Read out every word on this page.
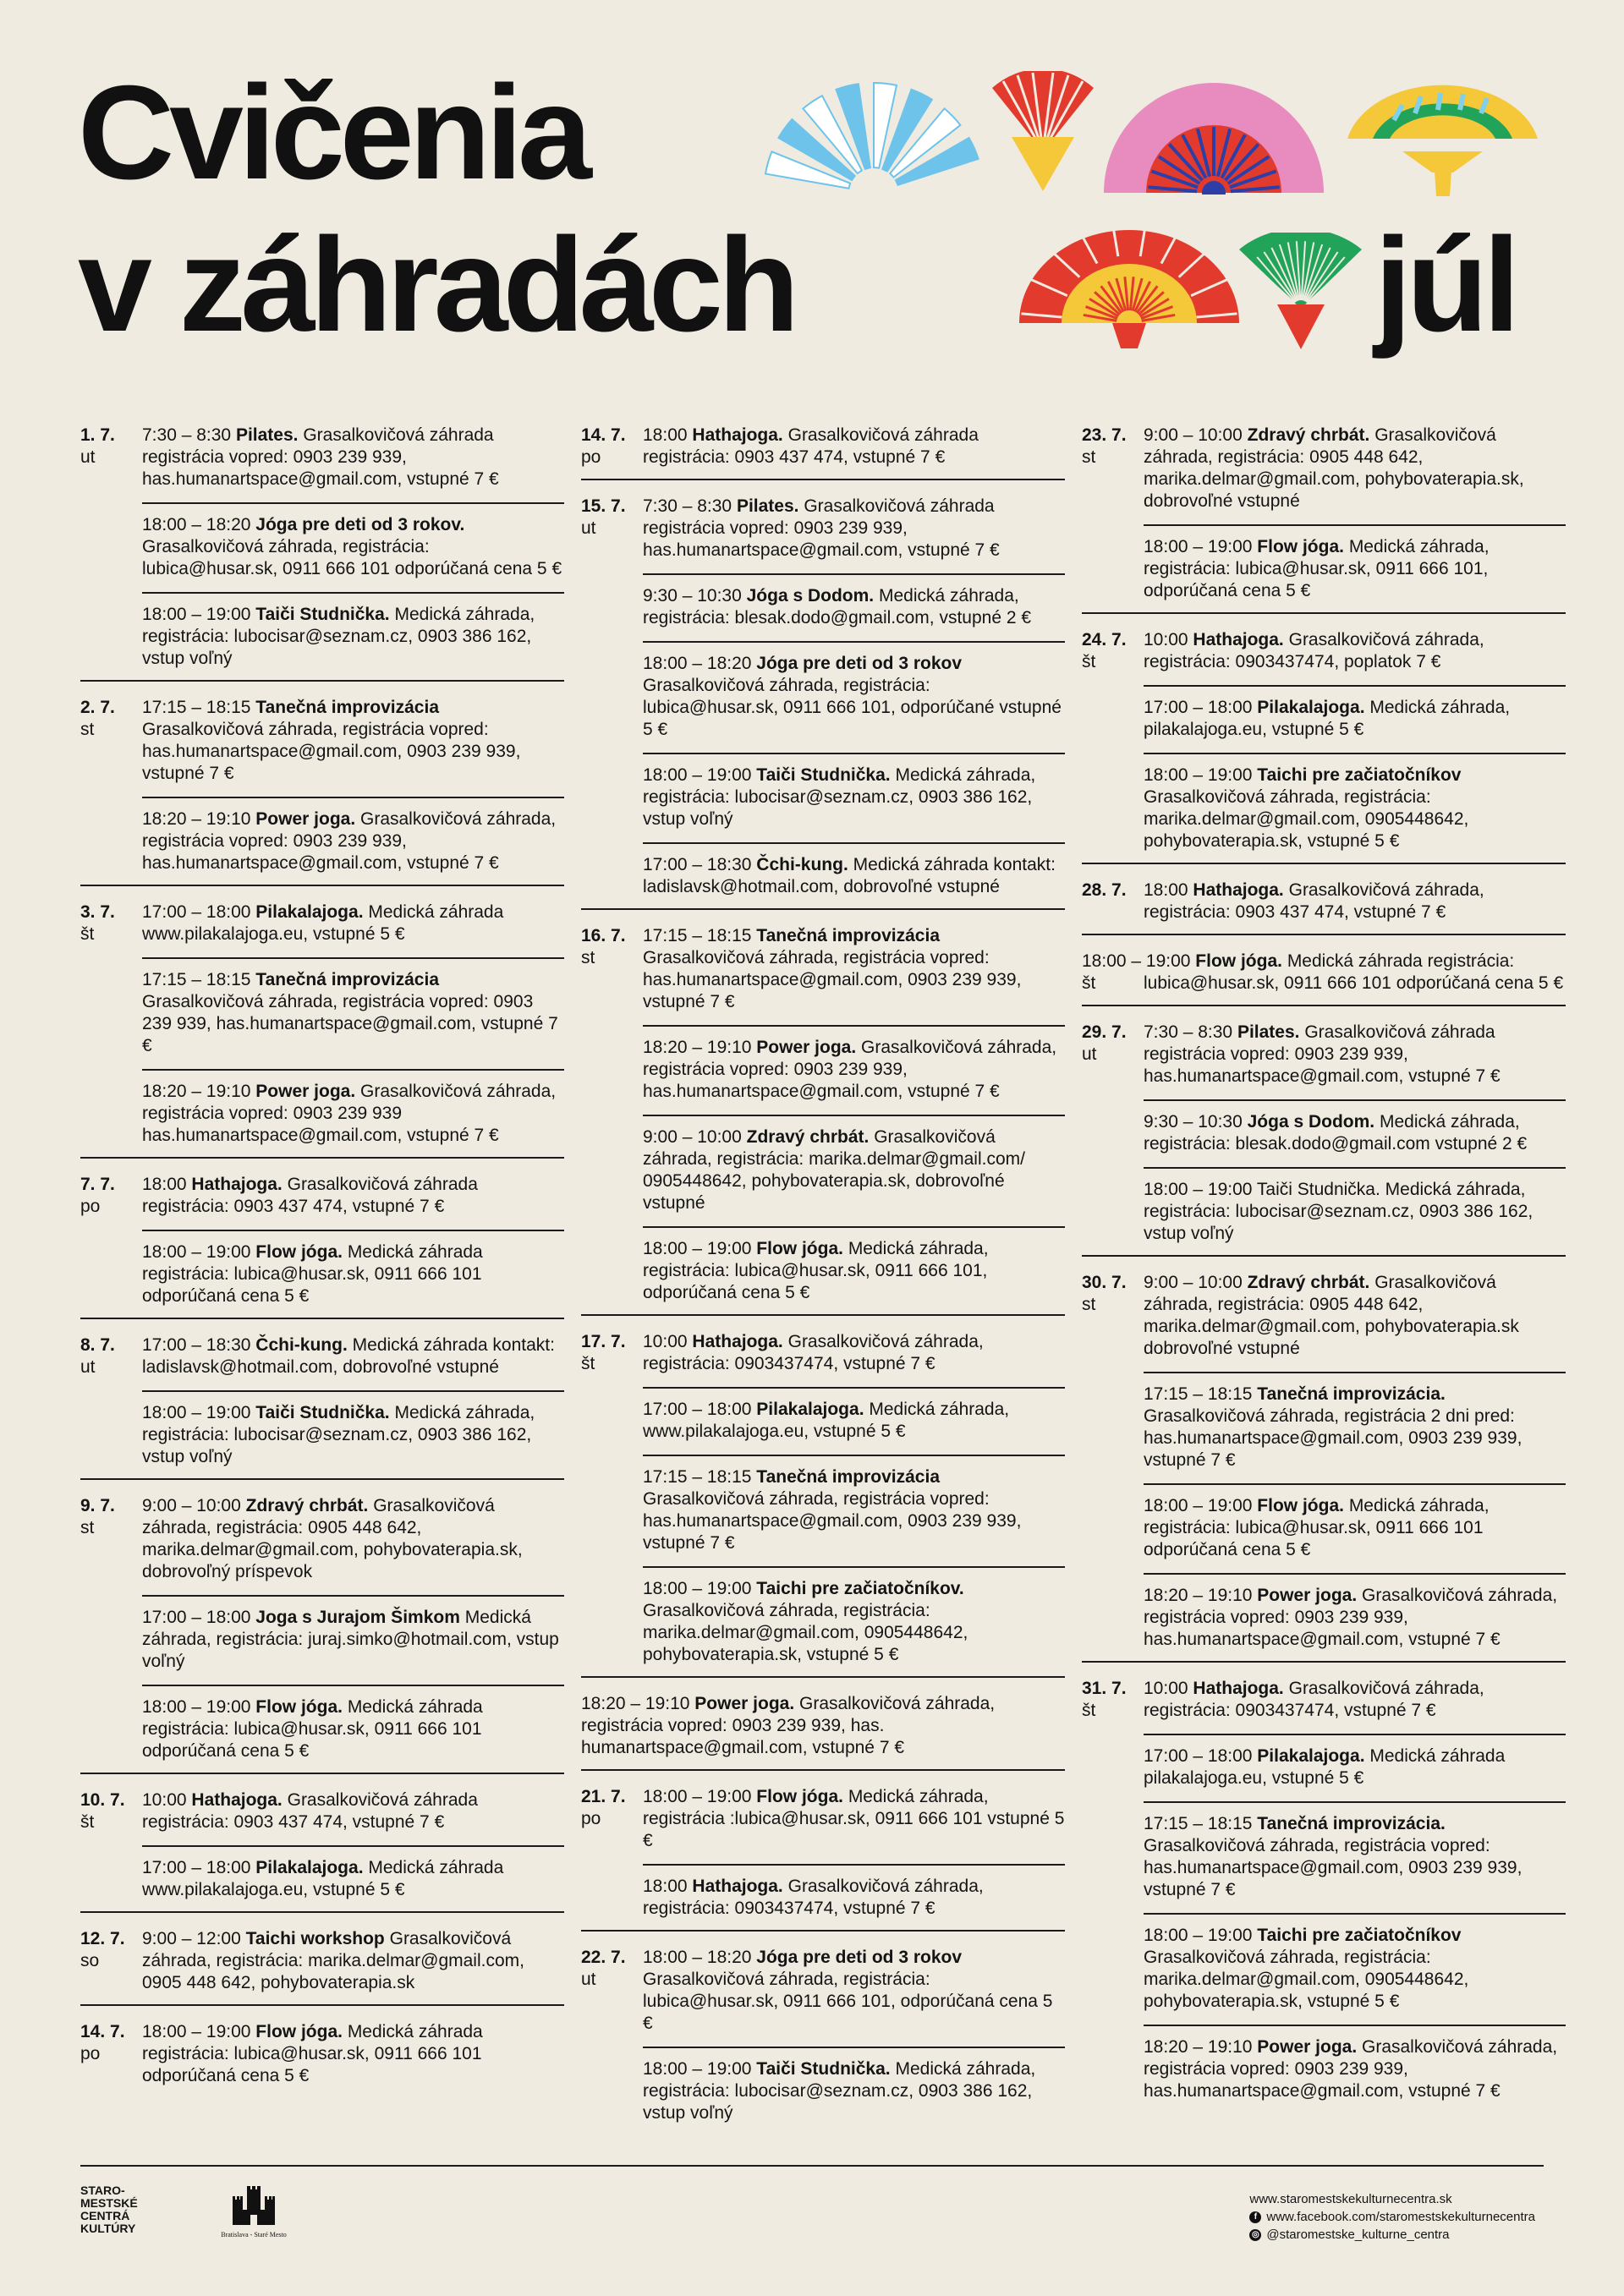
Cvičenia
v záhradách	júl
1. 7.
ut
7:30 – 8:30 Pilates. Grasalkovičová záhrada registrácia vopred: 0903 239 939, has.humanartspace@gmail.com, vstupné 7 €
18:00 – 18:20 Jóga pre deti od 3 rokov. Grasalkovičová záhrada, registrácia: lubica@husar.sk, 0911 666 101 odporúčaná cena 5 €
18:00 – 19:00 Taiči Studnička. Medická záhrada, registrácia: lubocisar@seznam.cz, 0903 386 162, vstup voľný
2. 7.
st
17:15 – 18:15 Tanečná improvizácia Grasalkovičová záhrada, registrácia vopred: has.humanartspace@gmail.com, 0903 239 939, vstupné 7 €
18:20 – 19:10 Power joga. Grasalkovičová záhrada, registrácia vopred: 0903 239 939, has.humanartspace@gmail.com, vstupné 7 €
3. 7.
št
17:00 – 18:00 Pilakalajoga. Medická záhrada www.pilakalajoga.eu, vstupné 5 €
17:15 – 18:15 Tanečná improvizácia Grasalkovičová záhrada, registrácia vopred: 0903 239 939, has.humanartspace@gmail.com, vstupné 7 €
18:20 – 19:10 Power joga. Grasalkovičová záhrada, registrácia vopred: 0903 239 939 has.humanartspace@gmail.com, vstupné 7 €
7. 7.
po
18:00 Hathajoga. Grasalkovičová záhrada registrácia: 0903 437 474, vstupné 7 €
18:00 – 19:00 Flow jóga. Medická záhrada registrácia: lubica@husar.sk, 0911 666 101 odporúčaná cena 5 €
8. 7.
ut
17:00 – 18:30 Čchi-kung. Medická záhrada kontakt: ladislavsk@hotmail.com, dobrovoľné vstupné
18:00 – 19:00 Taiči Studnička. Medická záhrada, registrácia: lubocisar@seznam.cz, 0903 386 162, vstup voľný
9. 7.
st
9:00 – 10:00 Zdravý chrbát. Grasalkovičová záhrada, registrácia: 0905 448 642, marika.delmar@gmail.com, pohybovaterapia.sk, dobrovoľný príspevok
17:00 – 18:00 Joga s Jurajom Šimkom Medická záhrada, registrácia: juraj.simko@hotmail.com, vstup voľný
18:00 – 19:00 Flow jóga. Medická záhrada registrácia: lubica@husar.sk, 0911 666 101 odporúčaná cena 5 €
10. 7.
št
10:00 Hathajoga. Grasalkovičová záhrada registrácia: 0903 437 474, vstupné 7 €
17:00 – 18:00 Pilakalajoga. Medická záhrada www.pilakalajoga.eu, vstupné 5 €
12. 7.
so
9:00 – 12:00 Taichi workshop Grasalkovičová záhrada, registrácia: marika.delmar@gmail.com, 0905 448 642, pohybovaterapia.sk
14. 7.
po
18:00 – 19:00 Flow jóga. Medická záhrada registrácia: lubica@husar.sk, 0911 666 101 odporúčaná cena 5 €
14. 7.
po
18:00 Hathajoga. Grasalkovičová záhrada registrácia: 0903 437 474, vstupné 7 €
15. 7.
ut
7:30 – 8:30 Pilates. Grasalkovičová záhrada registrácia vopred: 0903 239 939, has.humanartspace@gmail.com, vstupné 7 €
9:30 – 10:30 Jóga s Dodom. Medická záhrada, registrácia: blesak.dodo@gmail.com, vstupné 2 €
18:00 – 18:20 Jóga pre deti od 3 rokov Grasalkovičová záhrada, registrácia: lubica@husar.sk, 0911 666 101, odporúčané vstupné 5 €
18:00 – 19:00 Taiči Studnička. Medická záhrada, registrácia: lubocisar@seznam.cz, 0903 386 162, vstup voľný
17:00 – 18:30 Čchi-kung. Medická záhrada kontakt: ladislavsk@hotmail.com, dobrovoľné vstupné
16. 7.
st
17:15 – 18:15 Tanečná improvizácia Grasalkovičová záhrada, registrácia vopred: has.humanartspace@gmail.com, 0903 239 939, vstupné 7 €
18:20 – 19:10 Power joga. Grasalkovičová záhrada, registrácia vopred: 0903 239 939, has.humanartspace@gmail.com, vstupné 7 €
9:00 – 10:00 Zdravý chrbát. Grasalkovičová záhrada, registrácia: marika.delmar@gmail.com/ 0905448642, pohybovaterapia.sk, dobrovoľné vstupné
18:00 – 19:00 Flow jóga. Medická záhrada, registrácia: lubica@husar.sk, 0911 666 101, odporúčaná cena 5 €
17. 7.
št
10:00 Hathajoga. Grasalkovičová záhrada, registrácia: 0903437474, vstupné 7 €
17:00 – 18:00 Pilakalajoga. Medická záhrada, www.pilakalajoga.eu, vstupné 5 €
17:15 – 18:15 Tanečná improvizácia Grasalkovičová záhrada, registrácia vopred: has.humanartspace@gmail.com, 0903 239 939, vstupné 7 €
18:00 – 19:00 Taichi pre začiatočníkov. Grasalkovičová záhrada, registrácia: marika.delmar@gmail.com, 0905448642, pohybovaterapia.sk, vstupné 5 €
18:20 – 19:10 Power joga. Grasalkovičová záhrada, registrácia vopred: 0903 239 939, has. humanartspace@gmail.com, vstupné 7 €
21. 7.
po
18:00 – 19:00 Flow jóga. Medická záhrada, registrácia :lubica@husar.sk, 0911 666 101 vstupné 5 €
18:00 Hathajoga. Grasalkovičová záhrada, registrácia: 0903437474, vstupné 7 €
22. 7.
ut
18:00 – 18:20 Jóga pre deti od 3 rokov Grasalkovičová záhrada, registrácia: lubica@husar.sk, 0911 666 101, odporúčaná cena 5 €
18:00 – 19:00 Taiči Studnička. Medická záhrada, registrácia: lubocisar@seznam.cz, 0903 386 162, vstup voľný
23. 7.
st
9:00 – 10:00 Zdravý chrbát. Grasalkovičová záhrada, registrácia: 0905 448 642, marika.delmar@gmail.com, pohybovaterapia.sk, dobrovoľné vstupné
18:00 – 19:00 Flow jóga. Medická záhrada, registrácia: lubica@husar.sk, 0911 666 101, odporúčaná cena 5 €
24. 7.
št
10:00 Hathajoga. Grasalkovičová záhrada, registrácia: 0903437474, poplatok 7 €
17:00 – 18:00 Pilakalajoga. Medická záhrada, pilakalajoga.eu, vstupné 5 €
18:00 – 19:00 Taichi pre začiatočníkov Grasalkovičová záhrada, registrácia: marika.delmar@gmail.com, 0905448642, pohybovaterapia.sk, vstupné 5 €
28. 7. 18:00 Hathajoga. Grasalkovičová záhrada, registrácia: 0903 437 474, vstupné 7 €
št
18:00 – 19:00 Flow jóga. Medická záhrada registrácia: lubica@husar.sk, 0911 666 101 odporúčaná cena 5 €
29. 7.
ut
7:30 – 8:30 Pilates. Grasalkovičová záhrada registrácia vopred: 0903 239 939, has.humanartspace@gmail.com, vstupné 7 €
9:30 – 10:30 Jóga s Dodom. Medická záhrada, registrácia: blesak.dodo@gmail.com vstupné 2 €
18:00 – 19:00 Taiči Studnička. Medická záhrada, registrácia: lubocisar@seznam.cz, 0903 386 162, vstup voľný
30. 7.
st
9:00 – 10:00 Zdravý chrbát. Grasalkovičová záhrada, registrácia: 0905 448 642, marika.delmar@gmail.com, pohybovaterapia.sk dobrovoľné vstupné
17:15 – 18:15 Tanečná improvizácia. Grasalkovičová záhrada, registrácia 2 dni pred: has.humanartspace@gmail.com, 0903 239 939, vstupné 7 €
18:00 – 19:00 Flow jóga. Medická záhrada, registrácia: lubica@husar.sk, 0911 666 101 odporúčaná cena 5 €
18:20 – 19:10 Power joga. Grasalkovičová záhrada, registrácia vopred: 0903 239 939, has.humanartspace@gmail.com, vstupné 7 €
31. 7.
št
10:00 Hathajoga. Grasalkovičová záhrada, registrácia: 0903437474, vstupné 7 €
17:00 – 18:00 Pilakalajoga. Medická záhrada pilakalajoga.eu, vstupné 5 €
17:15 – 18:15 Tanečná improvizácia. Grasalkovičová záhrada, registrácia vopred: has.humanartspace@gmail.com, 0903 239 939, vstupné 7 €
18:00 – 19:00 Taichi pre začiatočníkov Grasalkovičová záhrada, registrácia: marika.delmar@gmail.com, 0905448642, pohybovaterapia.sk, vstupné 5 €
18:20 – 19:10 Power joga. Grasalkovičová záhrada, registrácia vopred: 0903 239 939, has.humanartspace@gmail.com, vstupné 7 €
STARO-
MESTSKÉ
CENTRÁ
KULTÚRY	Bratislava - Staré Mesto
www.staromestskekulturnecentra.sk
f www.facebook.com/staromestskekulturnecentra
◎ @staromestske_kulturne_centra
